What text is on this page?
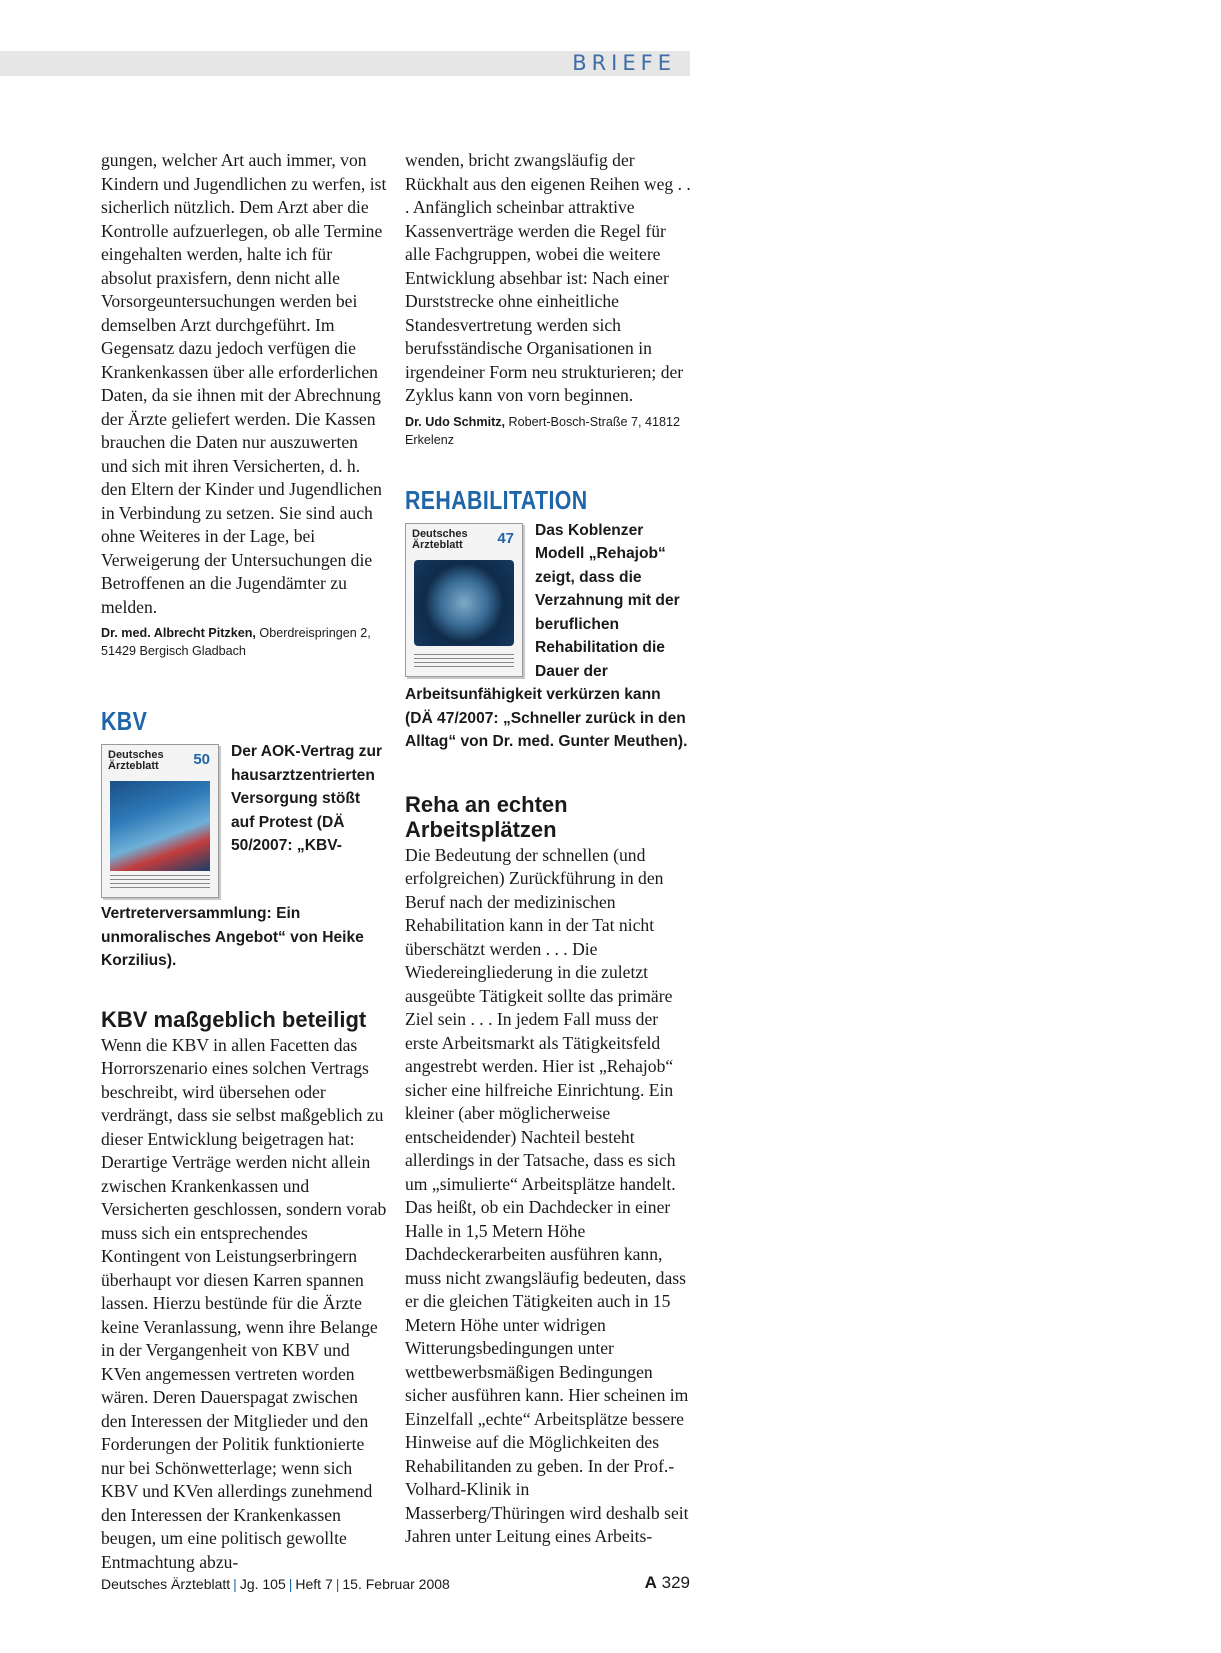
BRIEFE

gungen, welcher Art auch immer, von Kindern und Jugendlichen zu werfen, ist sicherlich nützlich. Dem Arzt aber die Kontrolle aufzuerlegen, ob alle Termine eingehalten werden, halte ich für absolut praxisfern, denn nicht alle Vorsorgeuntersuchungen werden bei demselben Arzt durchgeführt. Im Gegensatz dazu jedoch verfügen die Krankenkassen über alle erforderlichen Daten, da sie ihnen mit der Abrechnung der Ärzte geliefert werden. Die Kassen brauchen die Daten nur auszuwerten und sich mit ihren Versicherten, d. h. den Eltern der Kinder und Jugendlichen in Verbindung zu setzen. Sie sind auch ohne Weiteres in der Lage, bei Verweigerung der Untersuchungen die Betroffenen an die Jugendämter zu melden.

Dr. med. Albrecht Pitzken, Oberdreispringen 2, 51429 Bergisch Gladbach

KBV
Deutsches Ärzteblatt	50	Der AOK-Vertrag zur hausarztzentrierten Versorgung stößt auf Protest (DÄ 50/2007: „KBV-Vertreterversammlung: Ein unmoralisches Angebot“ von Heike Korzilius).

KBV maßgeblich beteiligt

Wenn die KBV in allen Facetten das Horrorszenario eines solchen Vertrags beschreibt, wird übersehen oder verdrängt, dass sie selbst maßgeblich zu dieser Entwicklung beigetragen hat: Derartige Verträge werden nicht allein zwischen Krankenkassen und Versicherten geschlossen, sondern vorab muss sich ein entsprechendes Kontingent von Leistungserbringern überhaupt vor diesen Karren spannen lassen. Hierzu bestünde für die Ärzte keine Veranlassung, wenn ihre Belange in der Vergangenheit von KBV und KVen angemessen vertreten worden wären. Deren Dauerspagat zwischen den Interessen der Mitglieder und den Forderungen der Politik funktionierte nur bei Schönwetterlage; wenn sich KBV und KVen allerdings zunehmend den Interessen der Krankenkassen beugen, um eine politisch gewollte Entmachtung abzu-

wenden, bricht zwangsläufig der Rückhalt aus den eigenen Reihen weg . . . Anfänglich scheinbar attraktive Kassenverträge werden die Regel für alle Fachgruppen, wobei die weitere Entwicklung absehbar ist: Nach einer Durststrecke ohne einheitliche Standesvertretung werden sich berufsständische Organisationen in irgendeiner Form neu strukturieren; der Zyklus kann von vorn beginnen.

Dr. Udo Schmitz, Robert-Bosch-Straße 7, 41812 Erkelenz

REHABILITATION
Deutsches Ärzteblatt	47	Das Koblenzer Modell „Rehajob“ zeigt, dass die Verzahnung mit der beruflichen Rehabilitation die Dauer der Arbeitsunfähigkeit verkürzen kann (DÄ 47/2007: „Schneller zurück in den Alltag“ von Dr. med. Gunter Meuthen).

Reha an echten Arbeitsplätzen

Die Bedeutung der schnellen (und erfolgreichen) Zurückführung in den Beruf nach der medizinischen Rehabilitation kann in der Tat nicht überschätzt werden . . . Die Wiedereingliederung in die zuletzt ausgeübte Tätigkeit sollte das primäre Ziel sein . . . In jedem Fall muss der erste Arbeitsmarkt als Tätigkeitsfeld angestrebt werden. Hier ist „Rehajob“ sicher eine hilfreiche Einrichtung. Ein kleiner (aber möglicherweise entscheidender) Nachteil besteht allerdings in der Tatsache, dass es sich um „simulierte“ Arbeitsplätze handelt. Das heißt, ob ein Dachdecker in einer Halle in 1,5 Metern Höhe Dachdeckerarbeiten ausführen kann, muss nicht zwangsläufig bedeuten, dass er die gleichen Tätigkeiten auch in 15 Metern Höhe unter widrigen Witterungsbedingungen unter wettbewerbsmäßigen Bedingungen sicher ausführen kann. Hier scheinen im Einzelfall „echte“ Arbeitsplätze bessere Hinweise auf die Möglichkeiten des Rehabilitanden zu geben. In der Prof.-Volhard-Klinik in Masserberg/Thüringen wird deshalb seit Jahren unter Leitung eines Arbeits-

Deutsches Ärzteblatt | Jg. 105 | Heft 7 | 15. Februar 2008	A 329
